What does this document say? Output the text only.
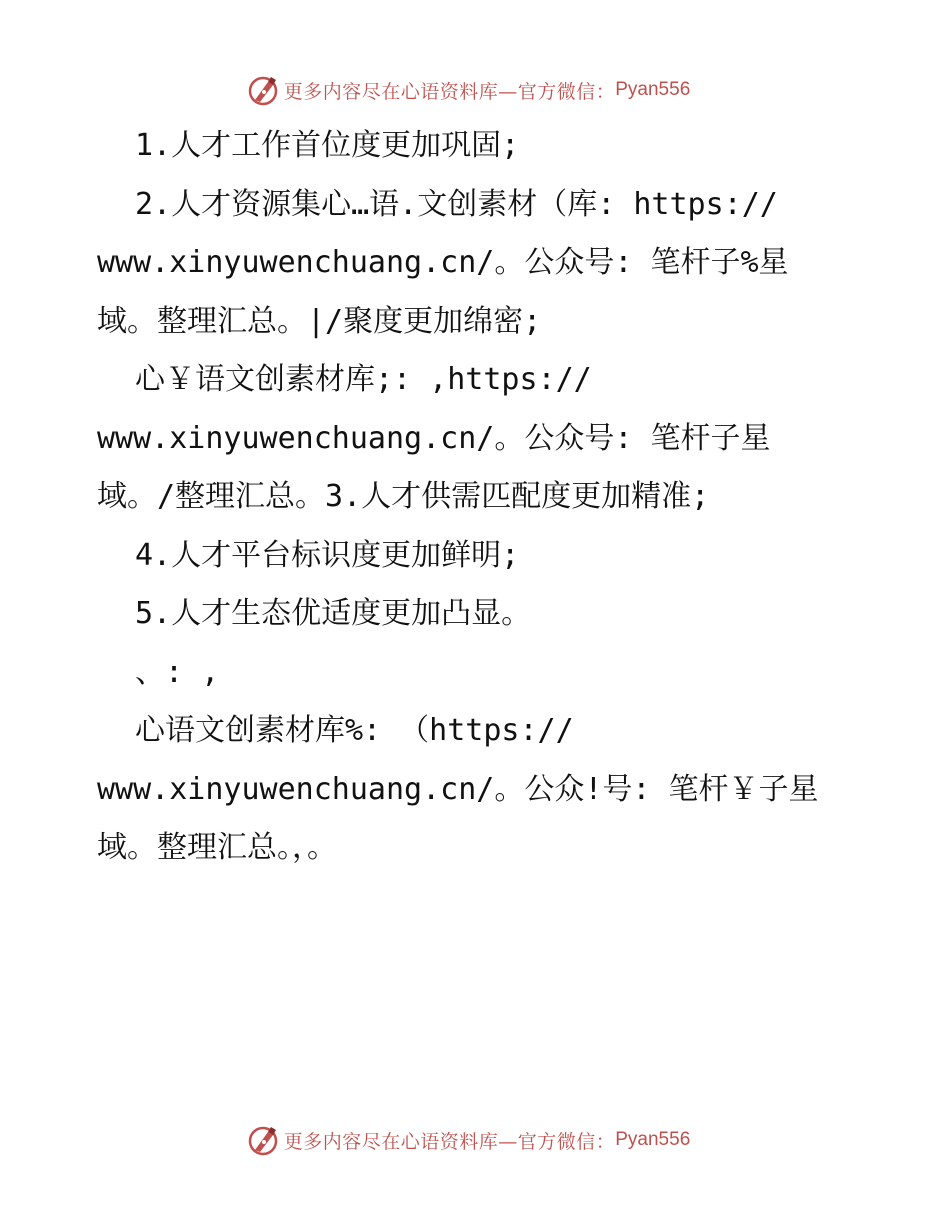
更多内容尽在心语资料库—官方微信： Pyan556
1.人才工作首位度更加巩固;
2.人才资源集心…语.文创素材（库: https://
www.xinyuwenchuang.cn/。公众号: 笔杆子%星
域。整理汇总。|/聚度更加绵密;
心￥语文创素材库;: ,https://
www.xinyuwenchuang.cn/。公众号: 笔杆子星
域。/整理汇总。3.人才供需匹配度更加精准;
4.人才平台标识度更加鲜明;
5.人才生态优适度更加凸显。
、: ,
心语文创素材库%: （https://
www.xinyuwenchuang.cn/。公众!号: 笔杆￥子星
域。整理汇总。，。
更多内容尽在心语资料库—官方微信： Pyan556
